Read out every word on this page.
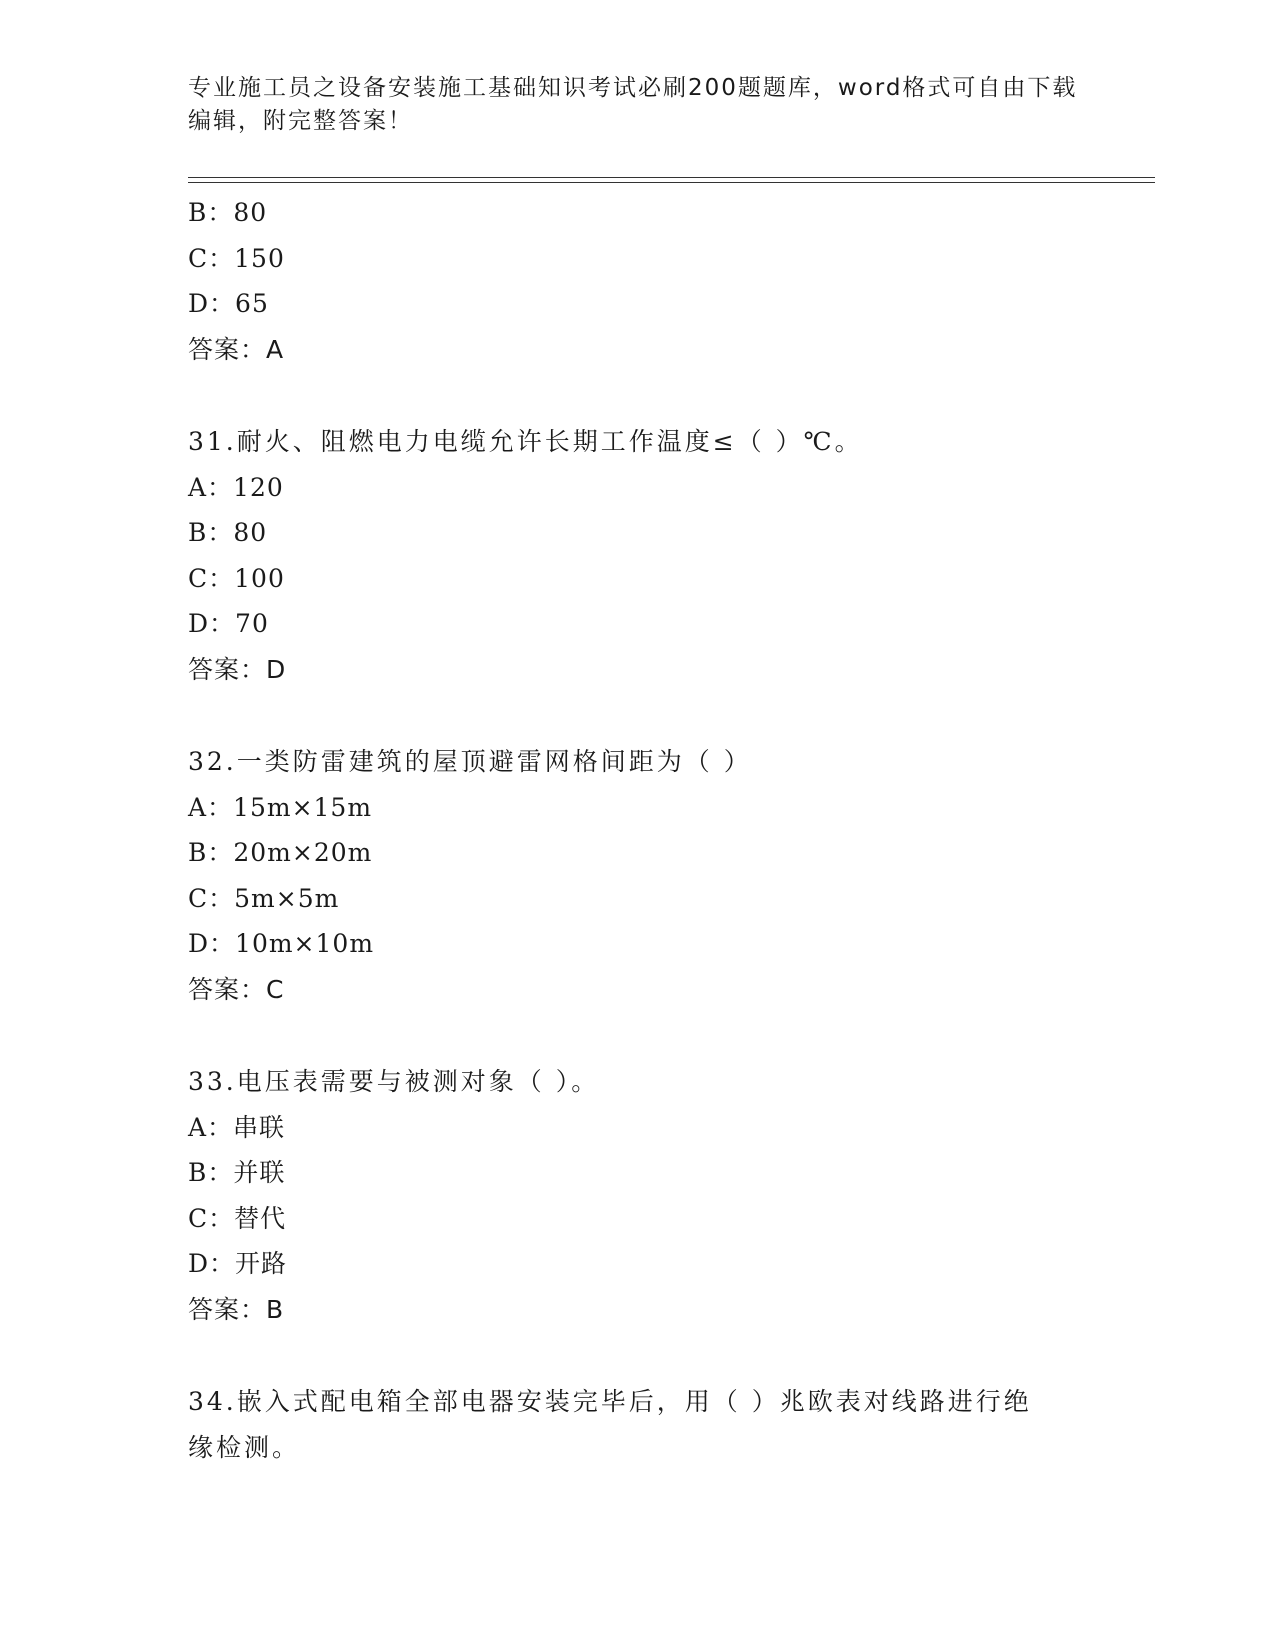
专业施工员之设备安装施工基础知识考试必刷200题题库，word格式可自由下载
编辑，附完整答案！
B：80
C：150
D：65
答案：A
31.耐火、阻燃电力电缆允许长期工作温度≤（ ）℃。
A：120
B：80
C：100
D：70
答案：D
32.一类防雷建筑的屋顶避雷网格间距为（ ）
A：15m×15m
B：20m×20m
C：5m×5m
D：10m×10m
答案：C
33.电压表需要与被测对象（ ）。
A：串联
B：并联
C：替代
D：开路
答案：B
34.嵌入式配电箱全部电器安装完毕后，用（ ）兆欧表对线路进行绝
缘检测。
